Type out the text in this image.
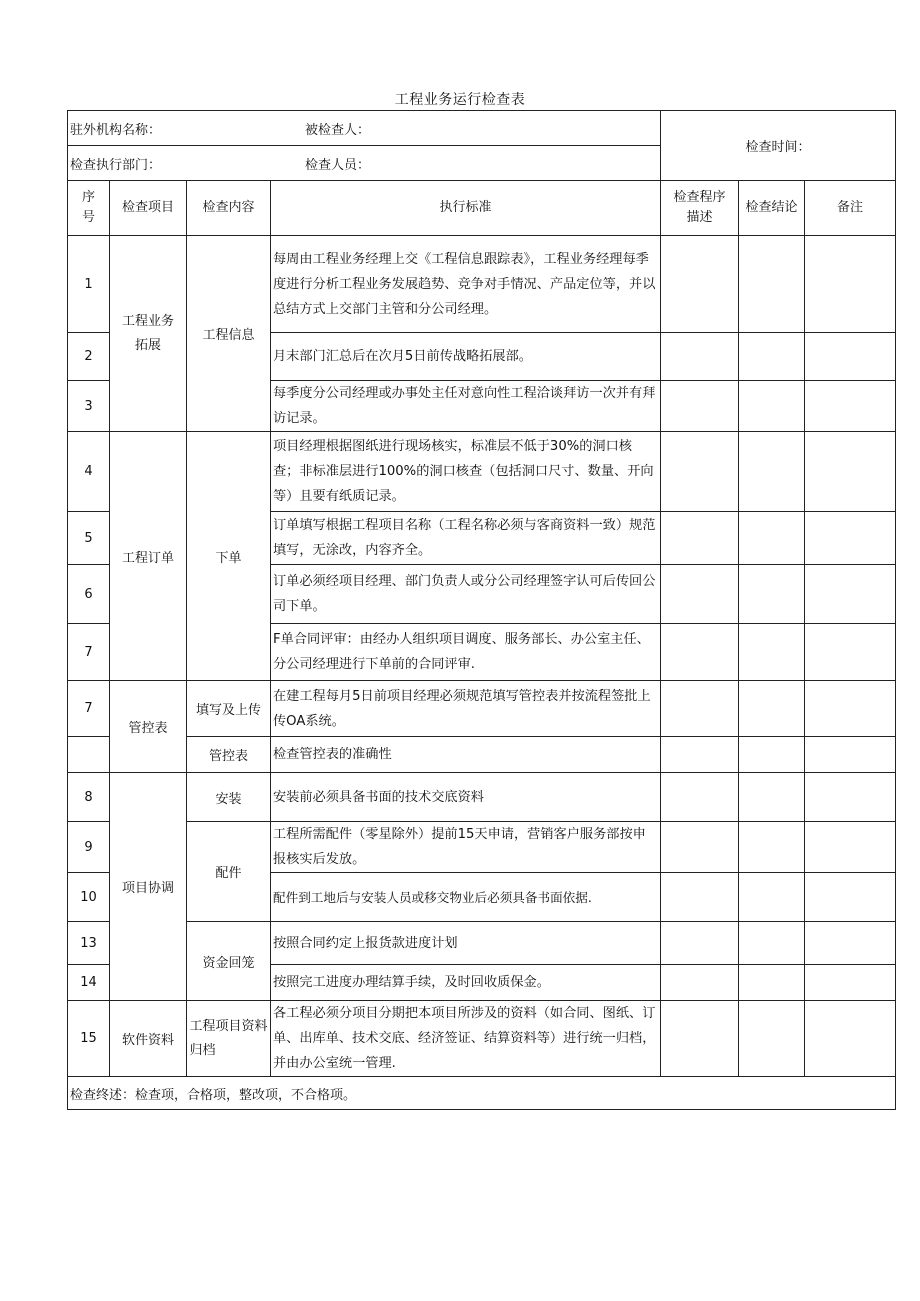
工程业务运行检查表
驻外机构名称： 被检查人：				检查时间：		
检查执行部门： 检查人员：						

序号	检查项目	检查内容	执行标准	检查程序描述	检查结论	备注
1	工程业务拓展	工程信息	每周由工程业务经理上交《工程信息跟踪表》，工程业务经理每季度进行分析工程业务发展趋势、竞争对手情况、产品定位等，并以总结方式上交部门主管和分公司经理。			
2			月末部门汇总后在次月5日前传战略拓展部。			
3			每季度分公司经理或办事处主任对意向性工程洽谈拜访一次并有拜访记录。			
4	工程订单	下单	项目经理根据图纸进行现场核实，标准层不低于30%的洞口核查；非标准层进行100%的洞口核查（包括洞口尺寸、数量、开向等）且要有纸质记录。			
5			订单填写根据工程项目名称（工程名称必须与客商资料一致）规范填写，无涂改，内容齐全。			
6			订单必须经项目经理、部门负责人或分公司经理签字认可后传回公司下单。			
7			F单合同评审：由经办人组织项目调度、服务部长、办公室主任、分公司经理进行下单前的合同评审.			
7	管控表	填写及上传	在建工程每月5日前项目经理必须规范填写管控表并按流程签批上传OA系统。			
		管控表	检查管控表的准确性			
8	项目协调	安装	安装前必须具备书面的技术交底资料			
9		配件	工程所需配件（零星除外）提前15天申请，营销客户服务部按申报核实后发放。			
10			配件到工地后与安装人员或移交物业后必须具备书面依据.			
13		资金回笼	按照合同约定上报货款进度计划			
14			按照完工进度办理结算手续，及时回收质保金。			
15	软件资料	工程项目资料归档	各工程必须分项目分期把本项目所涉及的资料（如合同、图纸、订单、出库单、技术交底、经济签证、结算资料等）进行统一归档，并由办公室统一管理.			
检查终述：检查项，合格项，整改项，不合格项。						
